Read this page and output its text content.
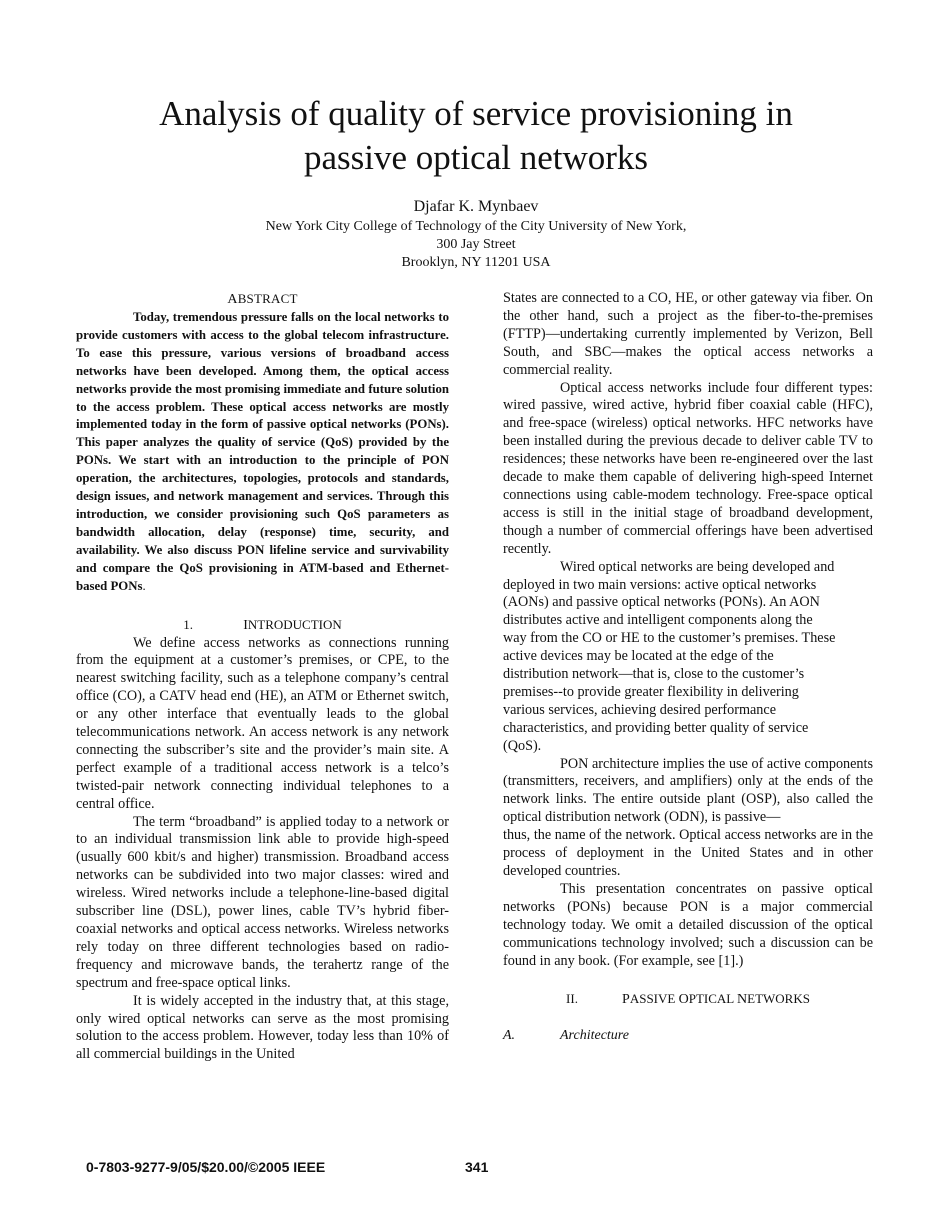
Analysis of quality of service provisioning in
passive optical networks
Djafar K. Mynbaev
New York City College of Technology of the City University of New York,
300 Jay Street
Brooklyn, NY 11201 USA

ABSTRACT

Today, tremendous pressure falls on the local networks to provide customers with access to the global telecom infrastructure. To ease this pressure, various versions of broadband access networks have been developed. Among them, the optical access networks provide the most promising immediate and future solution to the access problem. These optical access networks are mostly implemented today in the form of passive optical networks (PONs). This paper analyzes the quality of service (QoS) provided by the PONs. We start with an introduction to the principle of PON operation, the architectures, topologies, protocols and standards, design issues, and network management and services. Through this introduction, we consider provisioning such QoS parameters as bandwidth allocation, delay (response) time, security, and availability. We also discuss PON lifeline service and survivability and compare the QoS provisioning in ATM-based and Ethernet-based PONs.

1.	INTRODUCTION

We define access networks as connections running from the equipment at a customer’s premises, or CPE, to the nearest switching facility, such as a telephone company’s central office (CO), a CATV head end (HE), an ATM or Ethernet switch, or any other interface that eventually leads to the global telecommunications network. An access network is any network connecting the subscriber’s site and the provider’s main site. A perfect example of a traditional access network is a telco’s twisted-pair network connecting individual telephones to a central office.

The term “broadband” is applied today to a network or to an individual transmission link able to provide high-speed (usually 600 kbit/s and higher) transmission. Broadband access networks can be subdivided into two major classes: wired and wireless. Wired networks include a telephone-line-based digital subscriber line (DSL), power lines, cable TV’s hybrid fiber-coaxial networks and optical access networks. Wireless networks rely today on three different technologies based on radio-frequency and microwave bands, the terahertz range of the spectrum and free-space optical links.

It is widely accepted in the industry that, at this stage, only wired optical networks can serve as the most promising solution to the access problem. However, today less than 10% of all commercial buildings in the United

States are connected to a CO, HE, or other gateway via fiber. On the other hand, such a project as the fiber-to-the-premises (FTTP)—undertaking currently implemented by Verizon, Bell South, and SBC—makes the optical access networks a commercial reality.

Optical access networks include four different types: wired passive, wired active, hybrid fiber coaxial cable (HFC), and free-space (wireless) optical networks. HFC networks have been installed during the previous decade to deliver cable TV to residences; these networks have been re-engineered over the last decade to make them capable of delivering high-speed Internet connections using cable-modem technology. Free-space optical access is still in the initial stage of broadband development, though a number of commercial offerings have been advertised recently.

Wired optical networks are being developed and
deployed in two main versions: active optical networks
(AONs) and passive optical networks (PONs). An AON
distributes active and intelligent components along the
way from the CO or HE to the customer’s premises. These
active devices may be located at the edge of the
distribution network—that is, close to the customer’s
premises--to provide greater flexibility in delivering
various services, achieving desired performance
characteristics, and providing better quality of service
(QoS).

PON architecture implies the use of active components (transmitters, receivers, and amplifiers) only at the ends of the network links. The entire outside plant (OSP), also called the optical distribution network (ODN), is passive—

thus, the name of the network. Optical access networks are in the process of deployment in the United States and in other developed countries.

This presentation concentrates on passive optical networks (PONs) because PON is a major commercial technology today. We omit a detailed discussion of the optical communications technology involved; such a discussion can be found in any book. (For example, see [1].)

II.	PASSIVE OPTICAL NETWORKS

A.	Architecture

0-7803-9277-9/05/$20.00/©2005 IEEE	341
